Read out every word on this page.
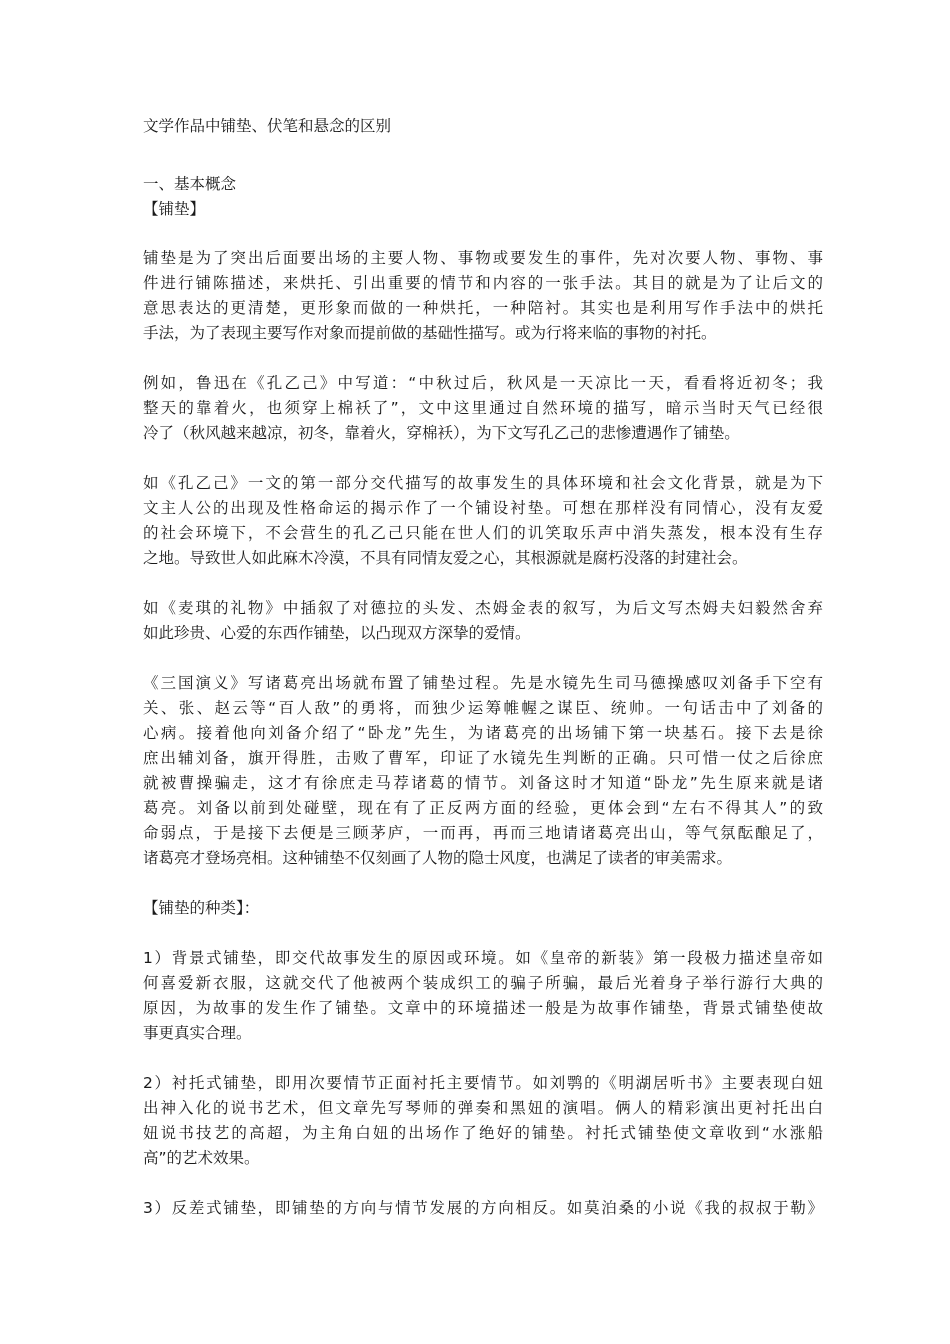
文学作品中铺垫、伏笔和悬念的区别
一、基本概念
【铺垫】
铺垫是为了突出后面要出场的主要人物、事物或要发生的事件，先对次要人物、事物、事
件进行铺陈描述，来烘托、引出重要的情节和内容的一张手法。其目的就是为了让后文的
意思表达的更清楚，更形象而做的一种烘托，一种陪衬。其实也是利用写作手法中的烘托
手法，为了表现主要写作对象而提前做的基础性描写。或为行将来临的事物的衬托。
例如，鲁迅在《孔乙己》中写道：“中秋过后，秋风是一天凉比一天，看看将近初冬；我
整天的靠着火，也须穿上棉袄了”，文中这里通过自然环境的描写，暗示当时天气已经很
冷了（秋风越来越凉，初冬，靠着火，穿棉袄），为下文写孔乙己的悲惨遭遇作了铺垫。
如《孔乙己》一文的第一部分交代描写的故事发生的具体环境和社会文化背景，就是为下
文主人公的出现及性格命运的揭示作了一个铺设衬垫。可想在那样没有同情心，没有友爱
的社会环境下，不会营生的孔乙己只能在世人们的讥笑取乐声中消失蒸发，根本没有生存
之地。导致世人如此麻木冷漠，不具有同情友爱之心，其根源就是腐朽没落的封建社会。
如《麦琪的礼物》中插叙了对德拉的头发、杰姆金表的叙写，为后文写杰姆夫妇毅然舍弃
如此珍贵、心爱的东西作铺垫，以凸现双方深挚的爱情。
《三国演义》写诸葛亮出场就布置了铺垫过程。先是水镜先生司马德操感叹刘备手下空有
关、张、赵云等“百人敌”的勇将，而独少运筹帷幄之谋臣、统帅。一句话击中了刘备的
心病。接着他向刘备介绍了“卧龙”先生，为诸葛亮的出场铺下第一块基石。接下去是徐
庶出辅刘备，旗开得胜，击败了曹军，印证了水镜先生判断的正确。只可惜一仗之后徐庶
就被曹操骗走，这才有徐庶走马荐诸葛的情节。刘备这时才知道“卧龙”先生原来就是诸
葛亮。刘备以前到处碰壁，现在有了正反两方面的经验，更体会到“左右不得其人”的致
命弱点，于是接下去便是三顾茅庐，一而再，再而三地请诸葛亮出山，等气氛酝酿足了，
诸葛亮才登场亮相。这种铺垫不仅刻画了人物的隐士风度，也满足了读者的审美需求。
【铺垫的种类】：
1）背景式铺垫，即交代故事发生的原因或环境。如《皇帝的新装》第一段极力描述皇帝如
何喜爱新衣服，这就交代了他被两个装成织工的骗子所骗，最后光着身子举行游行大典的
原因，为故事的发生作了铺垫。文章中的环境描述一般是为故事作铺垫，背景式铺垫使故
事更真实合理。
2）衬托式铺垫，即用次要情节正面衬托主要情节。如刘鹗的《明湖居听书》主要表现白妞
出神入化的说书艺术，但文章先写琴师的弹奏和黑妞的演唱。俩人的精彩演出更衬托出白
妞说书技艺的高超，为主角白妞的出场作了绝好的铺垫。衬托式铺垫使文章收到“水涨船
高”的艺术效果。
3）反差式铺垫，即铺垫的方向与情节发展的方向相反。如莫泊桑的小说《我的叔叔于勒》
